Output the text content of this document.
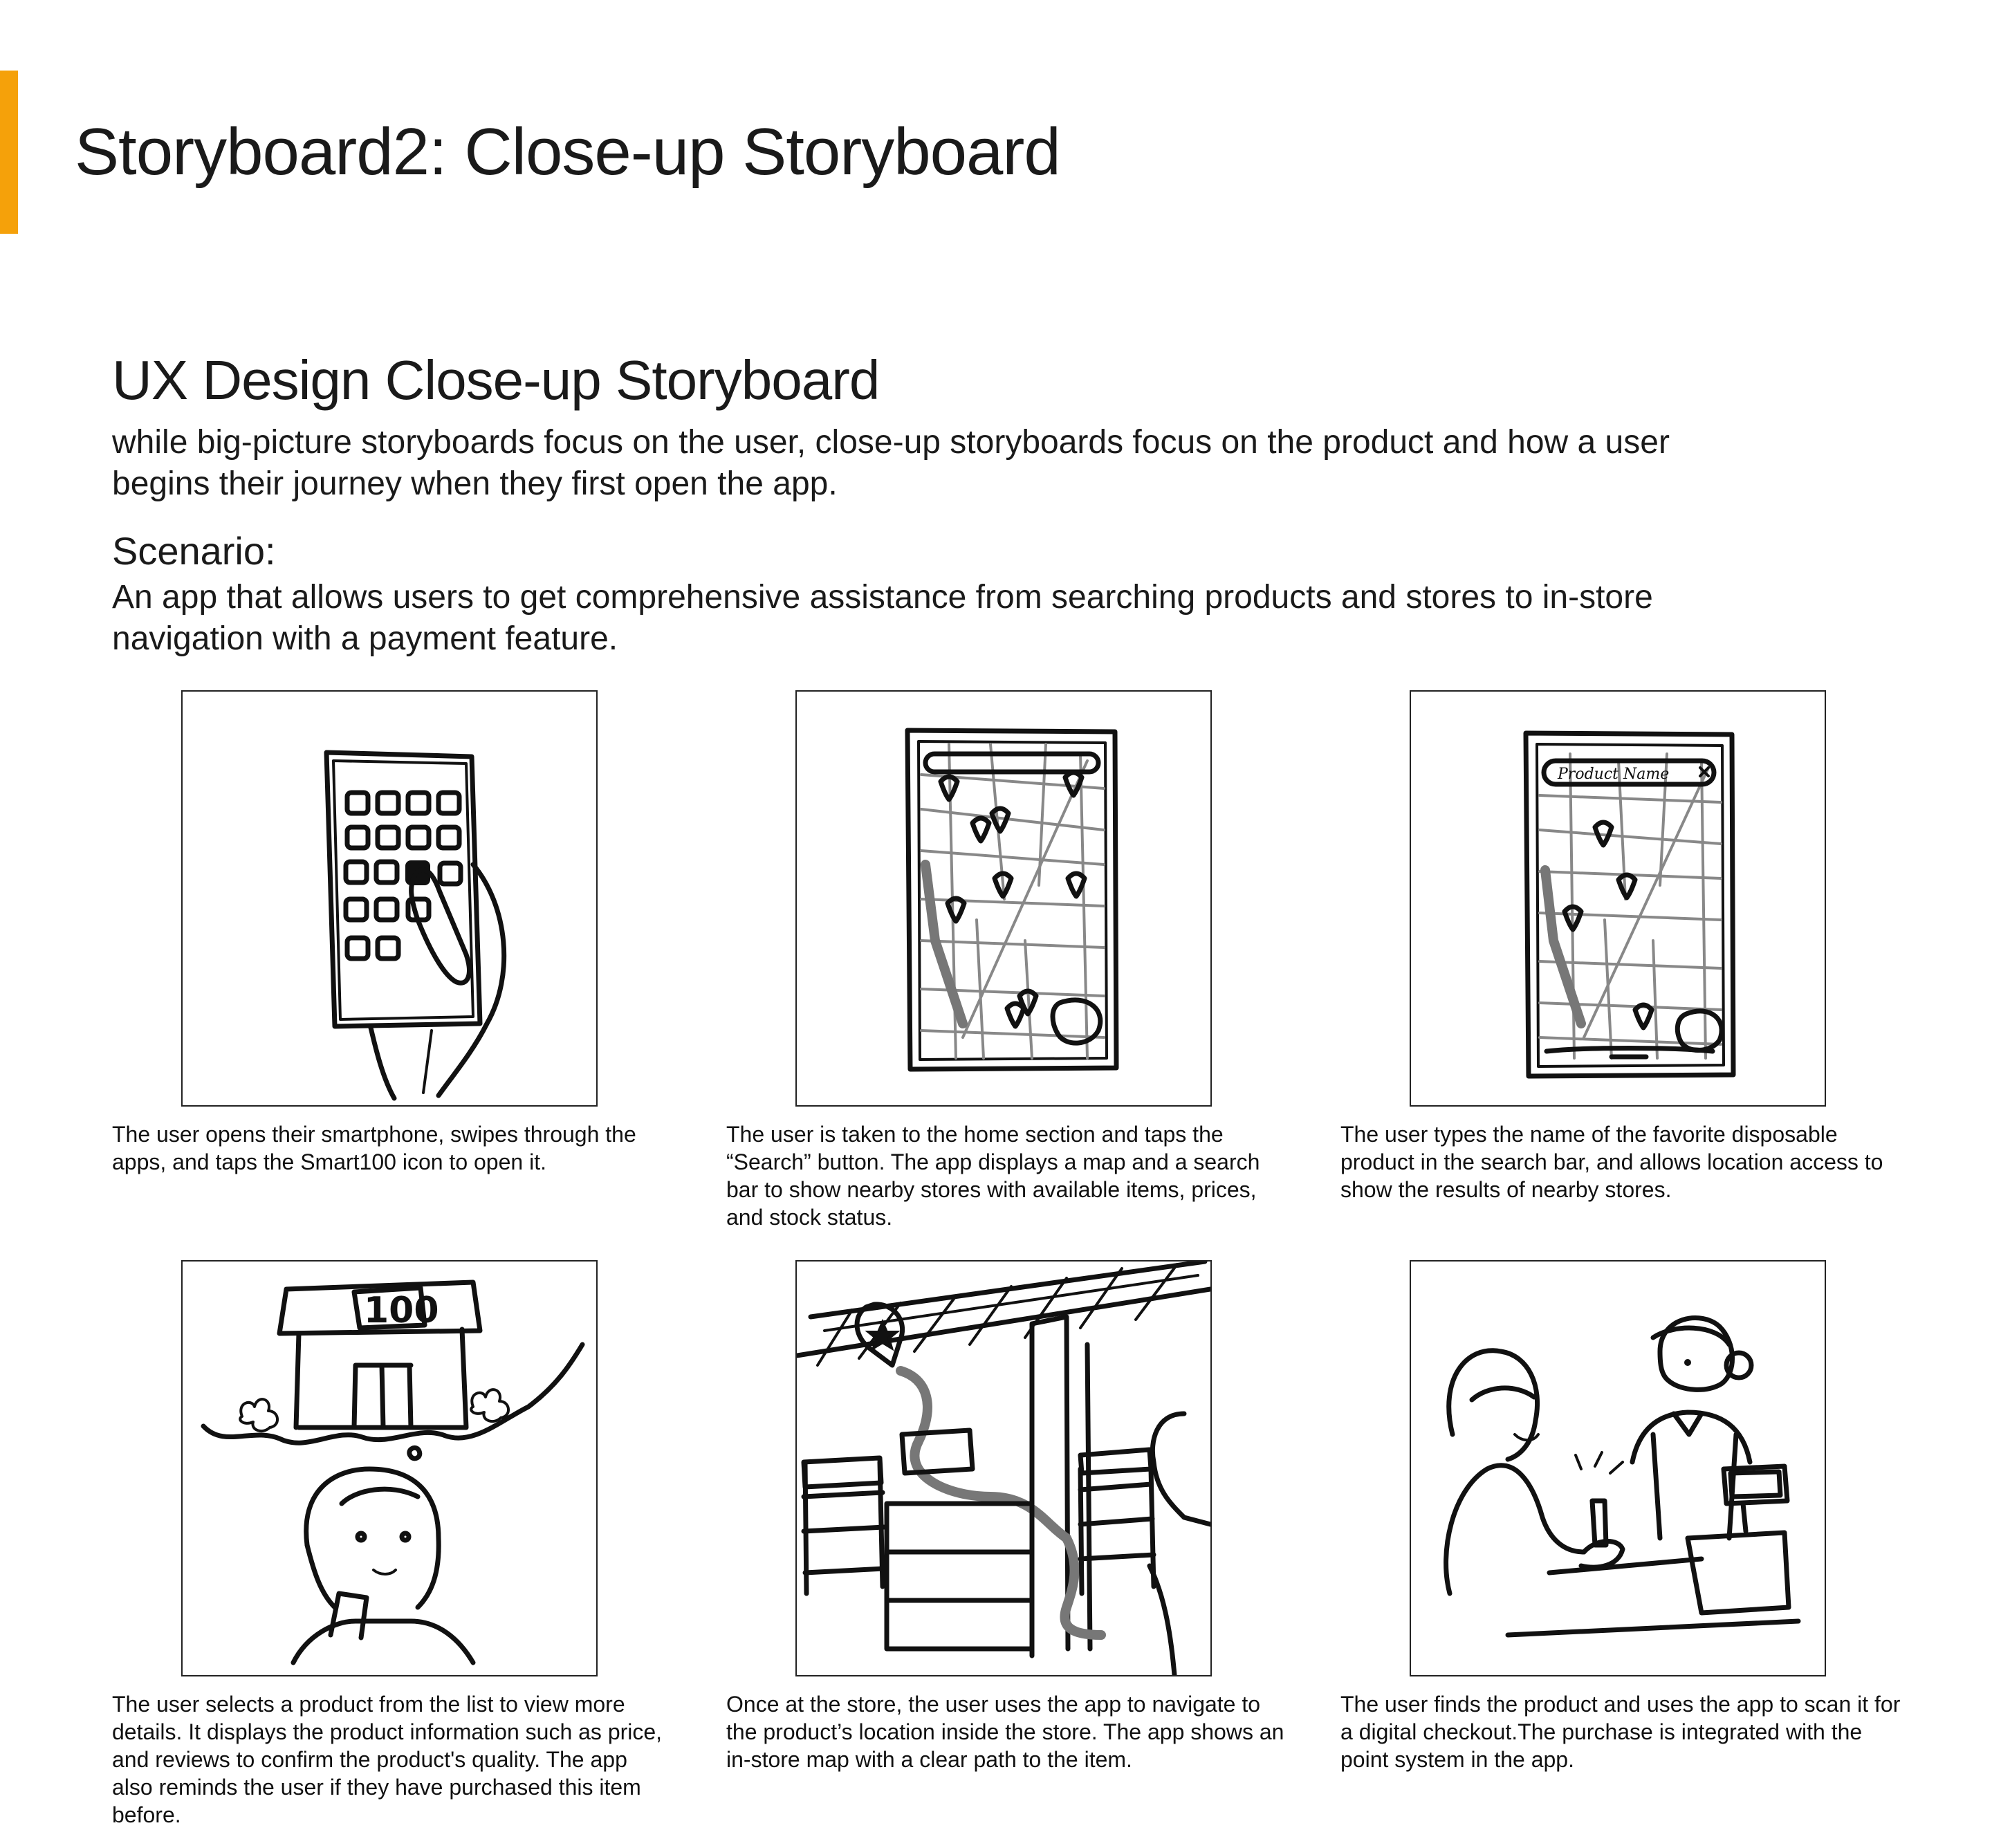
Storyboard2: Close-up Storyboard
UX Design Close-up Storyboard

while big-picture storyboards focus on the user, close-up storyboards focus on the product and how a user begins their journey when they first open the app.

Scenario:

An app that allows users to get comprehensive assistance from searching products and stores to in-store navigation with a payment feature.

The user opens their smartphone, swipes through the apps, and taps the Smart100 icon to open it.

The user is taken to the home section and taps the “Search” button. The app displays a map and a search bar to show nearby stores with available items, prices, and stock status.

Product Name

The user types the name of the favorite disposable product in the search bar, and allows location access to show the results of nearby stores.

100

The user selects a product from the list to view more details. It displays the product information such as price, and reviews to confirm the product's quality. The app also reminds the user if they have purchased this item before.

Once at the store, the user uses the app to navigate to the product’s location inside the store. The app shows an in-store map with a clear path to the item.

The user finds the product and uses the app to scan it for a digital checkout.The purchase is integrated with the point system in the app.
